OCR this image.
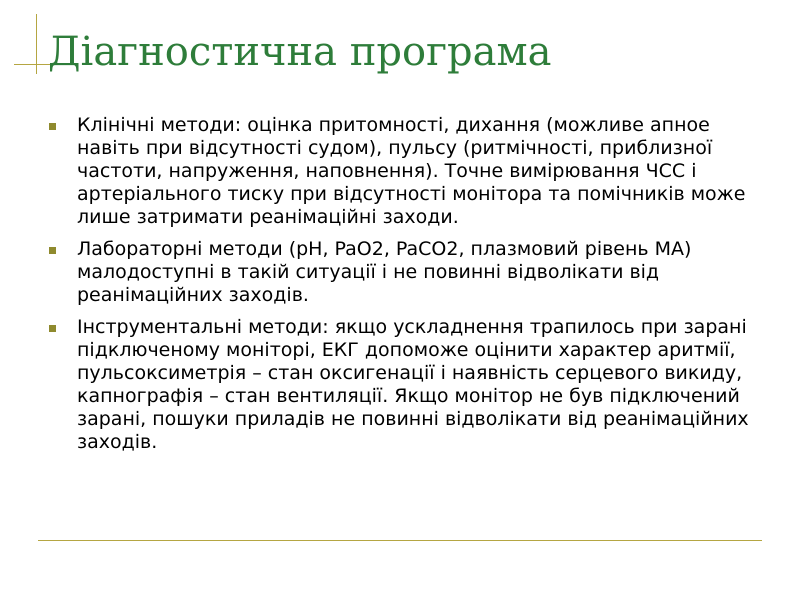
Діагностична програма
Клінічні методи: оцінка притомності, дихання (можливе апное навіть при відсутності судом), пульсу (ритмічності, приблизної частоти, напруження, наповнення). Точне вимірювання ЧСС і артеріального тиску при відсутності монітора та помічників може лише затримати реанімаційні заходи.
Лабораторні методи (pH, PaO2, PaCO2, плазмовий рівень МА) малодоступні в такій ситуації і не повинні відволікати від реанімаційних заходів.
Інструментальні методи: якщо ускладнення трапилось при зарані підключеному моніторі, ЕКГ допоможе оцінити характер аритмії, пульсоксиметрія – стан оксигенації і наявність серцевого викиду, капнографія – стан вентиляції. Якщо монітор не був підключений зарані, пошуки приладів не повинні відволікати від реанімаційних заходів.
